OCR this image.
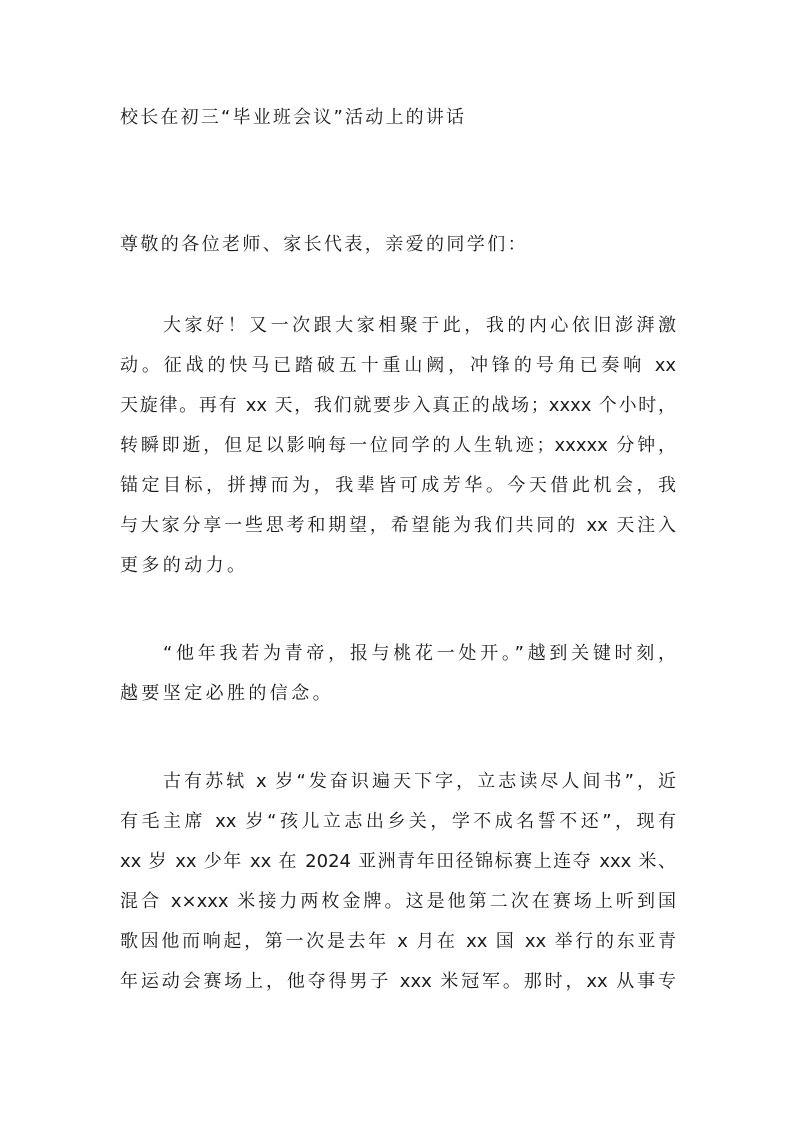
校长在初三“毕业班会议”活动上的讲话
尊敬的各位老师、家长代表，亲爱的同学们：
大家好！又一次跟大家相聚于此，我的内心依旧澎湃激
动。征战的快马已踏破五十重山阙，冲锋的号角已奏响 xx
天旋律。再有 xx 天，我们就要步入真正的战场；xxxx 个小时，
转瞬即逝，但足以影响每一位同学的人生轨迹；xxxxx 分钟，
锚定目标，拼搏而为，我辈皆可成芳华。今天借此机会，我
与大家分享一些思考和期望，希望能为我们共同的 xx 天注入
更多的动力。
“他年我若为青帝，报与桃花一处开。”越到关键时刻，
越要坚定必胜的信念。
古有苏轼 x 岁“发奋识遍天下字，立志读尽人间书”，近
有毛主席 xx 岁“孩儿立志出乡关，学不成名誓不还”，现有
xx 岁 xx 少年 xx 在 2024 亚洲青年田径锦标赛上连夺 xxx 米、
混合 x×xxx 米接力两枚金牌。这是他第二次在赛场上听到国
歌因他而响起，第一次是去年 x 月在 xx 国 xx 举行的东亚青
年运动会赛场上，他夺得男子 xxx 米冠军。那时，xx 从事专
